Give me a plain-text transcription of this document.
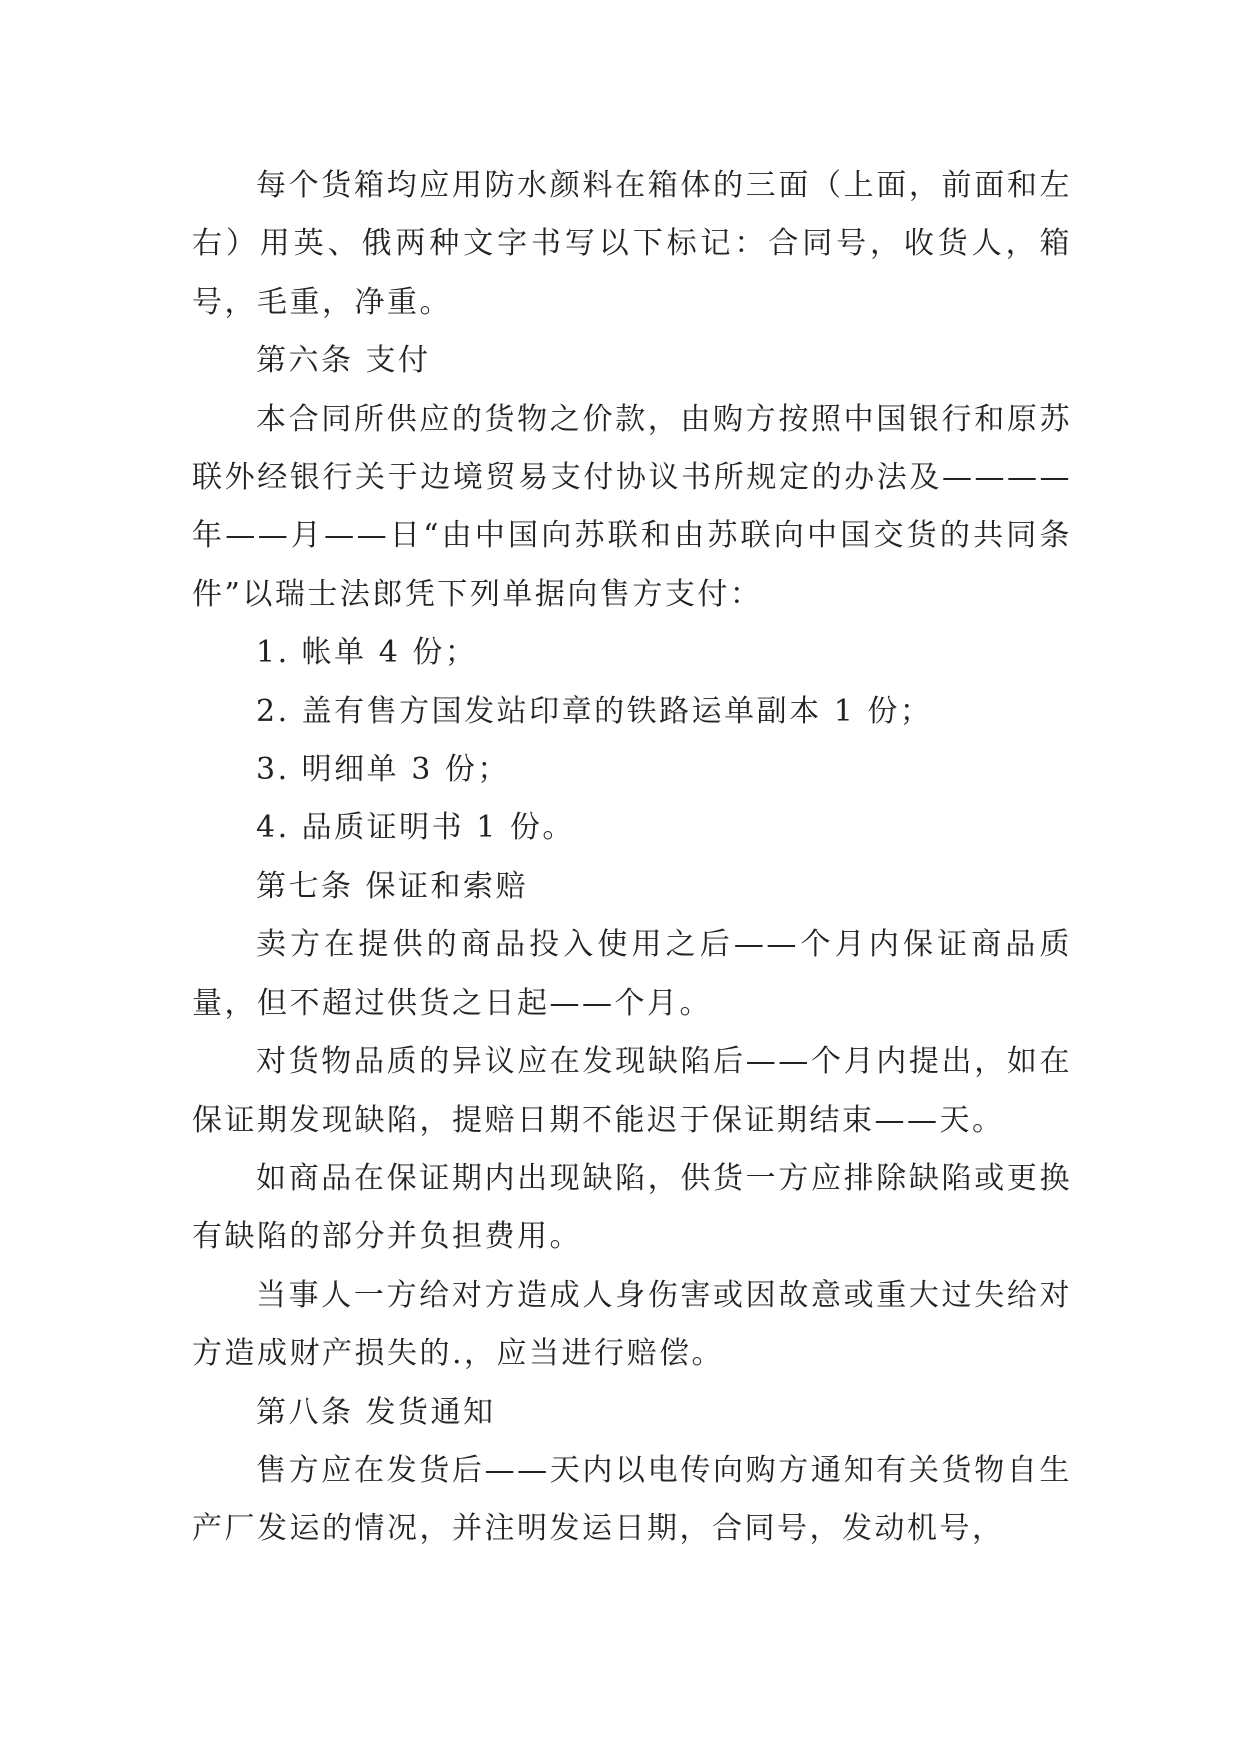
每个货箱均应用防水颜料在箱体的三面（上面，前面和左右）用英、俄两种文字书写以下标记：合同号，收货人，箱号，毛重，净重。

第六条 支付

本合同所供应的货物之价款，由购方按照中国银行和原苏联外经银行关于边境贸易支付协议书所规定的办法及————年——月——日“由中国向苏联和由苏联向中国交货的共同条件”以瑞士法郎凭下列单据向售方支付：

1. 帐单 4 份；

2. 盖有售方国发站印章的铁路运单副本 1 份；

3. 明细单 3 份；

4. 品质证明书 1 份。

第七条 保证和索赔

卖方在提供的商品投入使用之后——个月内保证商品质量，但不超过供货之日起——个月。

对货物品质的异议应在发现缺陷后——个月内提出，如在保证期发现缺陷，提赔日期不能迟于保证期结束——天。

如商品在保证期内出现缺陷，供货一方应排除缺陷或更换有缺陷的部分并负担费用。

当事人一方给对方造成人身伤害或因故意或重大过失给对方造成财产损失的.，应当进行赔偿。

第八条 发货通知

售方应在发货后——天内以电传向购方通知有关货物自生产厂发运的情况，并注明发运日期，合同号，发动机号，
